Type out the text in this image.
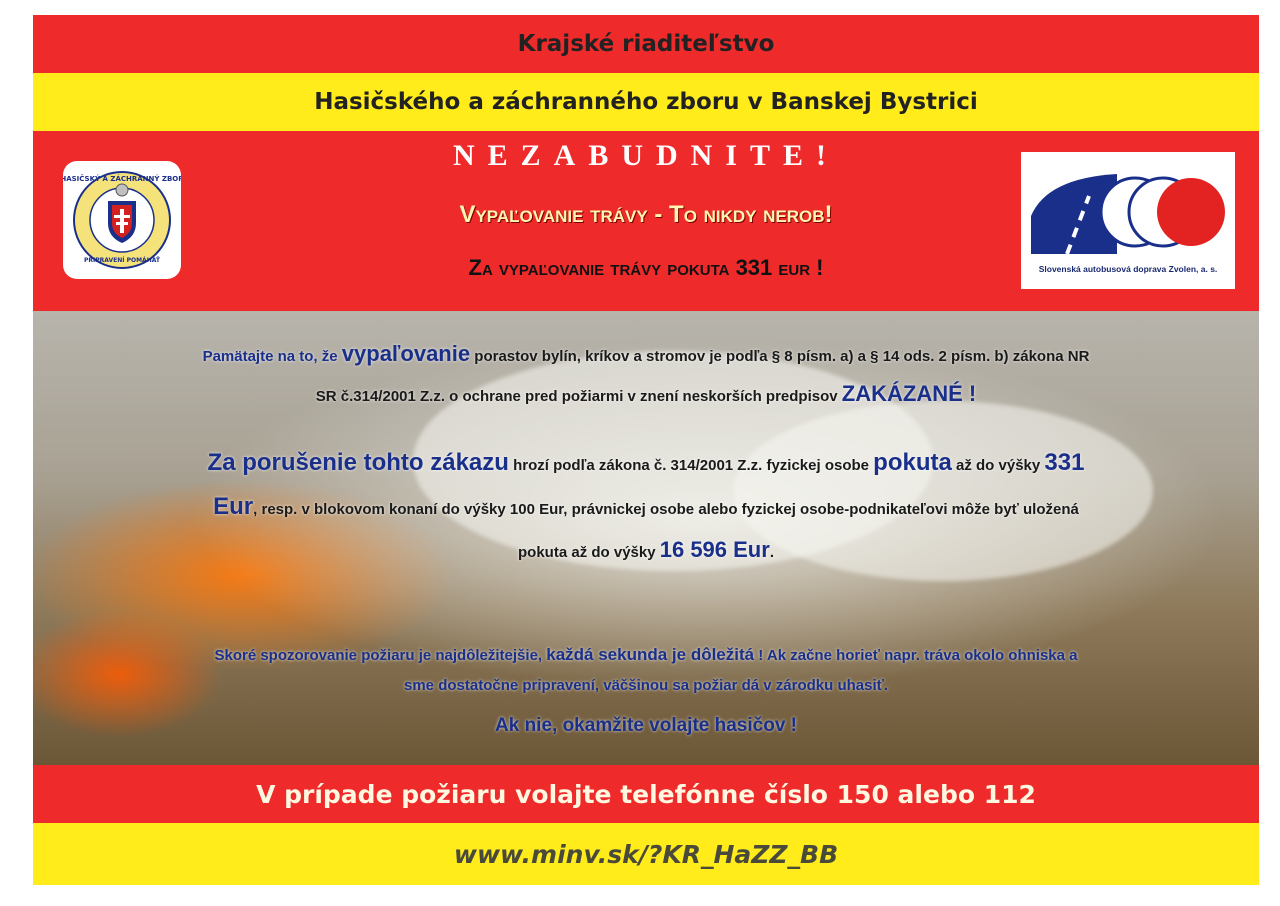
Krajské riaditeľstvo
Hasičského a záchranného zboru v Banskej Bystrici
HASIČSKÝ A ZÁCHRANNÝ ZBOR
PRIPRAVENÍ POMÁHAŤ
NEZABUDNITE!
Vypaľovanie trávy - To nikdy nerob!
Za vypaľovanie trávy pokuta 331 eur !	Slovenská autobusová doprava Zvolen, a. s.
Pamätajte na to, že vypaľovanie porastov bylín, kríkov a stromov je podľa § 8 písm. a) a § 14 ods. 2 písm. b) zákona NR
SR č.314/2001 Z.z. o ochrane pred požiarmi v znení neskorších predpisov ZAKÁZANÉ !
Za porušenie tohto zákazu hrozí podľa zákona č. 314/2001 Z.z. fyzickej osobe pokuta až do výšky 331
Eur, resp. v blokovom konaní do výšky 100 Eur, právnickej osobe alebo fyzickej osobe-podnikateľovi môže byť uložená
pokuta až do výšky 16 596 Eur.
Skoré spozorovanie požiaru je najdôležitejšie, každá sekunda je dôležitá ! Ak začne horieť napr. tráva okolo ohniska a
sme dostatočne pripravení, väčšinou sa požiar dá v zárodku uhasiť.
Ak nie, okamžite volajte hasičov !
V prípade požiaru volajte telefónne číslo 150 alebo 112
www.minv.sk/?KR_HaZZ_BB
